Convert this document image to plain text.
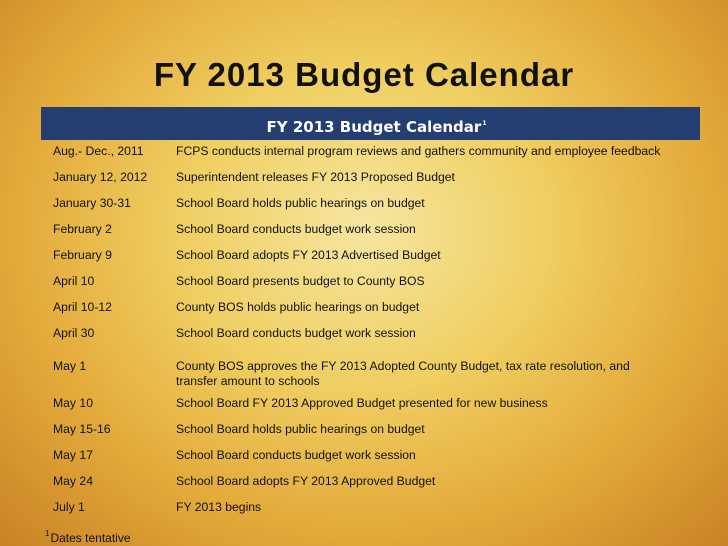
FY 2013 Budget Calendar
FY 2013 Budget Calendar$^1$
Aug.- Dec., 2011	FCPS conducts internal program reviews and gathers community and employee feedback
January 12, 2012 Superintendent releases FY 2013 Proposed Budget
January 30-31	School Board holds public hearings on budget
February 2	School Board conducts budget work session
February 9	School Board adopts FY 2013 Advertised Budget
April 10	School Board presents budget to County BOS
April 10-12	County BOS holds public hearings on budget
April 30	School Board conducts budget work session
May 1	County BOS approves the FY 2013 Adopted County Budget, tax rate resolution, and transfer amount to schools
May 10	School Board FY 2013 Approved Budget presented for new business
May 15-16	School Board holds public hearings on budget
May 17	School Board conducts budget work session
May 24	School Board adopts FY 2013 Approved Budget
July 1	FY 2013 begins
$^1$Dates tentative
